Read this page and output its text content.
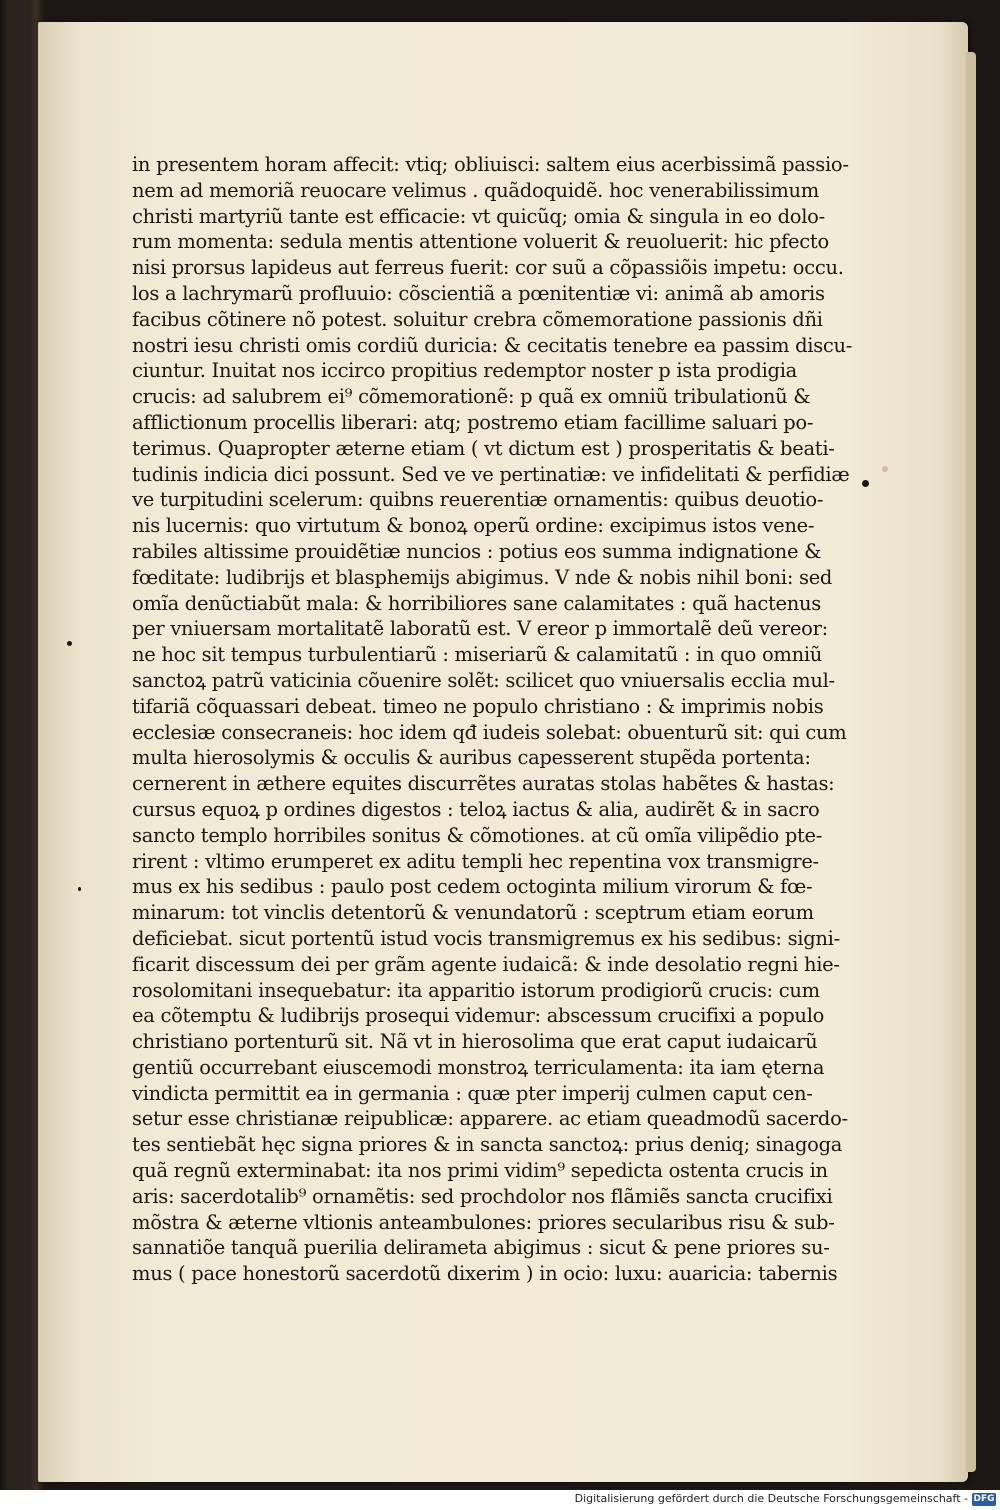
in presentem horam affecit: vtiq; obliuisci: saltem eius acerbissimã passio-
nem ad memoriã reuocare velimus . quãdoquidẽ. hoc venerabilissimum
christi martyriũ tante est efficacie: vt quicũq; omia & singula in eo dolo-
rum momenta: sedula mentis attentione voluerit & reuoluerit: hic pfecto
nisi prorsus lapideus aut ferreus fuerit: cor suũ a cõpassiõis impetu: occu.
los a lachrymarũ profluuio: cõscientiã a pœnitentiæ vi: animã ab amoris
facibus cõtinere nõ potest. soluitur crebra cõmemoratione passionis dñi
nostri iesu christi omis cordiũ duricia: & cecitatis tenebre ea passim discu-
ciuntur. Inuitat nos iccirco propitius redemptor noster p ista prodigia
crucis: ad salubrem ei⁹ cõmemorationẽ: p quã ex omniũ tribulationũ &
afflictionum procellis liberari: atq; postremo etiam facillime saluari po-
terimus. Quapropter æterne etiam ( vt dictum est ) prosperitatis & beati-
tudinis indicia dici possunt. Sed ve ve pertinatiæ: ve infidelitati & perfidiæ
ve turpitudini scelerum: quibns reuerentiæ ornamentis: quibus deuotio-
nis lucernis: quo virtutum & bonoꝝ operũ ordine: excipimus istos vene-
rabiles altissime prouidẽtiæ nuncios : potius eos summa indignatione &
fœditate: ludibrijs et blasphemijs abigimus. V nde & nobis nihil boni: sed
omĩa denũctiabũt mala: & horribiliores sane calamitates : quã hactenus
per vniuersam mortalitatẽ laboratũ est. V ereor p immortalẽ deũ vereor:
ne hoc sit tempus turbulentiarũ : miseriarũ & calamitatũ : in quo omniũ
sanctoꝝ patrũ vaticinia cõuenire solẽt: scilicet quo vniuersalis ecclia mul-
tifariã cõquassari debeat. timeo ne populo christiano : & imprimis nobis
ecclesiæ consecraneis: hoc idem qđ iudeis solebat: obuenturũ sit: qui cum
multa hierosolymis & occulis & auribus capesserent stupẽda portenta:
cernerent in æthere equites discurrẽtes auratas stolas habẽtes & hastas:
cursus equoꝝ p ordines digestos : teloꝝ iactus & alia, audirẽt & in sacro
sancto templo horribiles sonitus & cõmotiones. at cũ omĩa vilipẽdio pte-
rirent : vltimo erumperet ex aditu templi hec repentina vox transmigre-
mus ex his sedibus : paulo post cedem octoginta milium virorum & fœ-
minarum: tot vinclis detentorũ & venundatorũ : sceptrum etiam eorum
deficiebat. sicut portentũ istud vocis transmigremus ex his sedibus: signi-
ficarit discessum dei per grãm agente iudaicã: & inde desolatio regni hie-
rosolomitani insequebatur: ita apparitio istorum prodigiorũ crucis: cum
ea cõtemptu & ludibrijs prosequi videmur: abscessum crucifixi a populo
christiano portenturũ sit. Nã vt in hierosolima que erat caput iudaicarũ
gentiũ occurrebant eiuscemodi monstroꝝ terriculamenta: ita iam ęterna
vindicta permittit ea in germania : quæ pter imperij culmen caput cen-
setur esse christianæ reipublicæ: apparere. ac etiam queadmodũ sacerdo-
tes sentiebãt hęc signa priores & in sancta sanctoꝝ: prius deniq; sinagoga
quã regnũ exterminabat: ita nos primi vidim⁹ sepedicta ostenta crucis in
aris: sacerdotalib⁹ ornamẽtis: sed prochdolor nos flãmiẽs sancta crucifixi
mõstra & æterne vltionis anteambulones: priores secularibus risu & sub-
sannatiõe tanquã puerilia delirameta abigimus : sicut & pene priores su-
mus ( pace honestorũ sacerdotũ dixerim ) in ocio: luxu: auaricia: tabernis
Digitalisierung gefördert durch die Deutsche Forschungsgemeinschaft - DFG
